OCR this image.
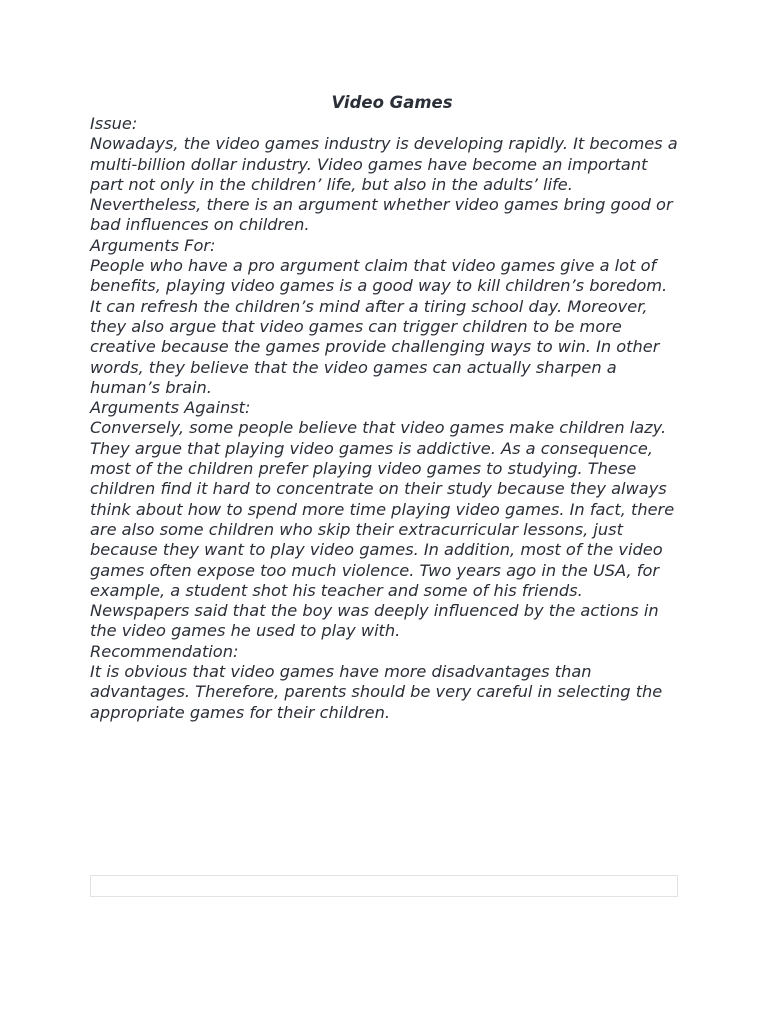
Video Games
Issue:
Nowadays, the video games industry is developing rapidly. It becomes a multi-billion dollar industry. Video games have become an important part not only in the children’ life, but also in the adults’ life. Nevertheless, there is an argument whether video games bring good or bad influences on children.
Arguments For:
People who have a pro argument claim that video games give a lot of benefits, playing video games is a good way to kill children’s boredom. It can refresh the children’s mind after a tiring school day. Moreover, they also argue that video games can trigger children to be more creative because the games provide challenging ways to win. In other words, they believe that the video games can actually sharpen a human’s brain.
Arguments Against:
Conversely, some people believe that video games make children lazy. They argue that playing video games is addictive. As a consequence, most of the children prefer playing video games to studying. These children find it hard to concentrate on their study because they always think about how to spend more time playing video games. In fact, there are also some children who skip their extracurricular lessons, just because they want to play video games. In addition, most of the video games often expose too much violence. Two years ago in the USA, for example, a student shot his teacher and some of his friends. Newspapers said that the boy was deeply influenced by the actions in the video games he used to play with.
Recommendation:
It is obvious that video games have more disadvantages than advantages. Therefore, parents should be very careful in selecting the appropriate games for their children.
